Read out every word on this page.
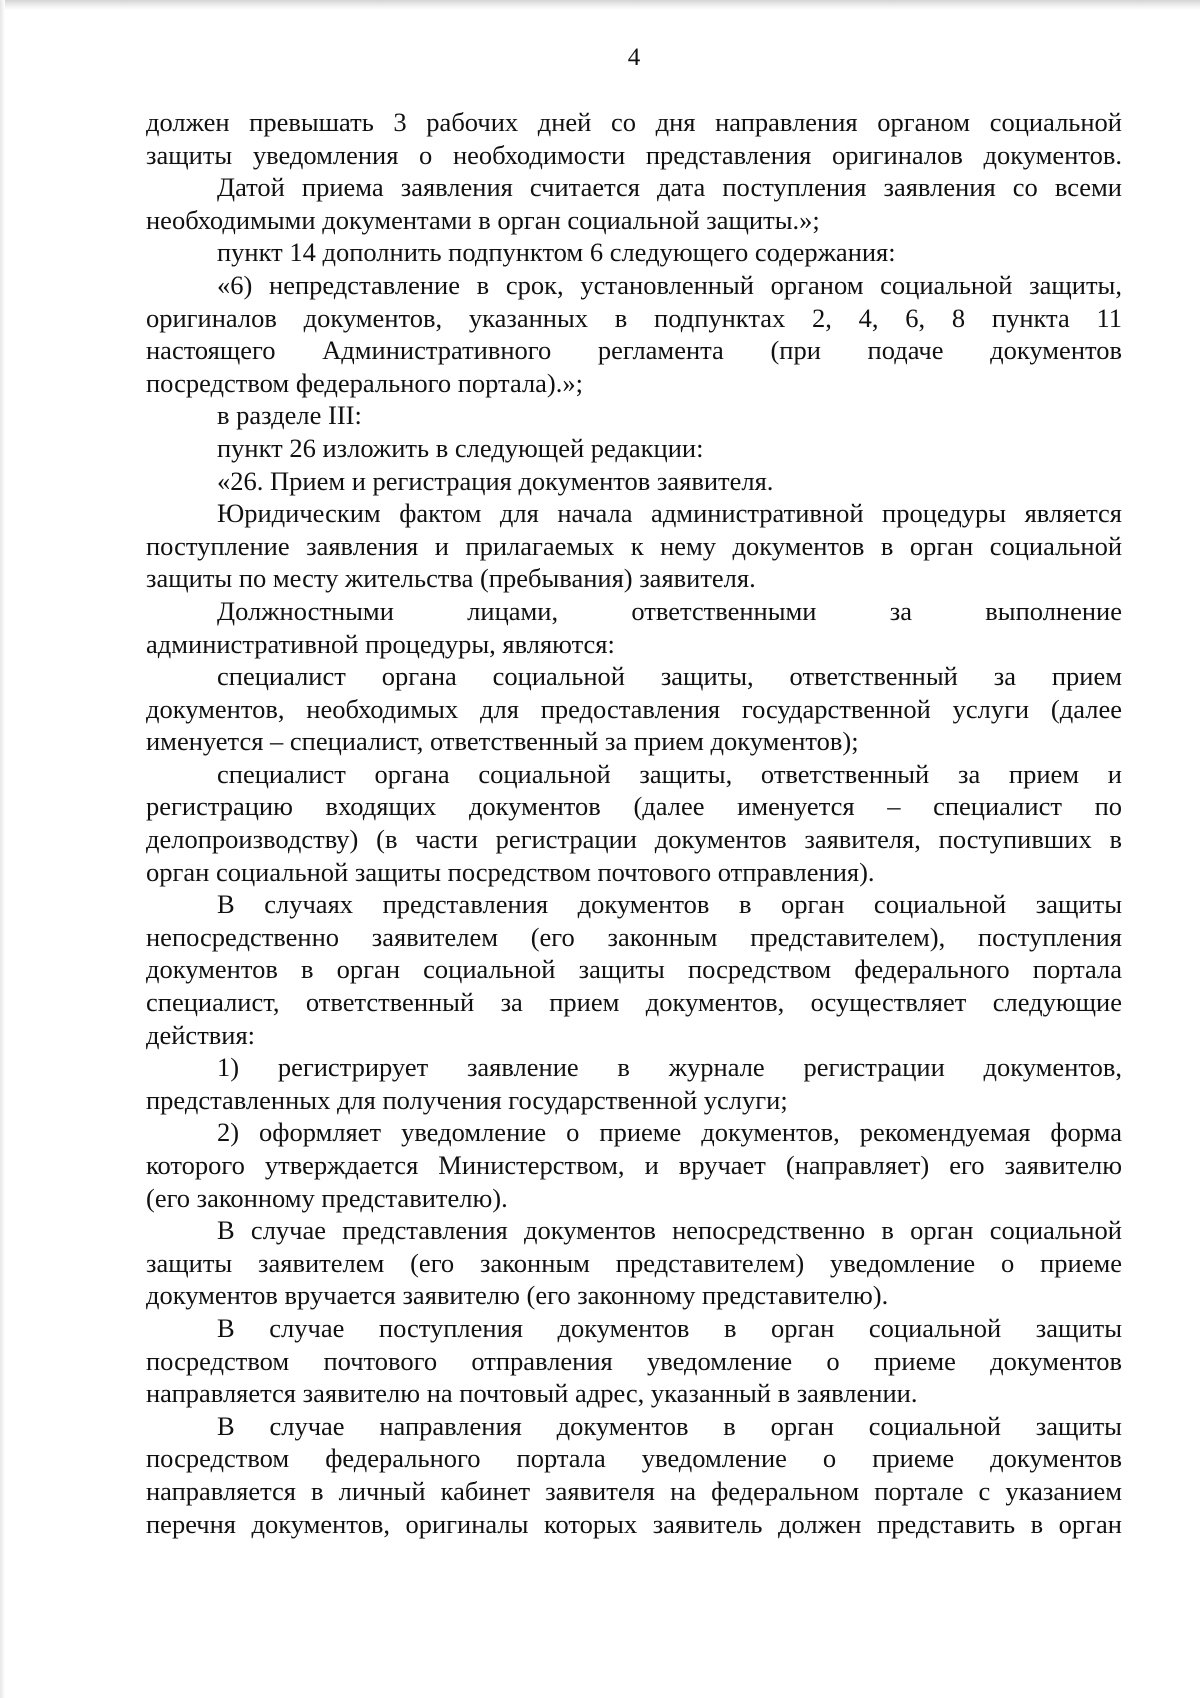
4
должен превышать 3 рабочих дней со дня направления органом социальной
защиты уведомления о необходимости представления оригиналов документов.
Датой приема заявления считается дата поступления заявления со всеми
необходимыми документами в орган социальной защиты.»;
пункт 14 дополнить подпунктом 6 следующего содержания:
«6) непредставление в срок, установленный органом социальной защиты,
оригиналов документов, указанных в подпунктах 2, 4, 6, 8 пункта 11
настоящего Административного регламента (при подаче документов
посредством федерального портала).»;
в разделе III:
пункт 26 изложить в следующей редакции:
«26. Прием и регистрация документов заявителя.
Юридическим фактом для начала административной процедуры является
поступление заявления и прилагаемых к нему документов в орган социальной
защиты по месту жительства (пребывания) заявителя.
Должностными лицами, ответственными за выполнение
административной процедуры, являются:
специалист органа социальной защиты, ответственный за прием
документов, необходимых для предоставления государственной услуги (далее
именуется – специалист, ответственный за прием документов);
специалист органа социальной защиты, ответственный за прием и
регистрацию входящих документов (далее именуется – специалист по
делопроизводству) (в части регистрации документов заявителя, поступивших в
орган социальной защиты посредством почтового отправления).
В случаях представления документов в орган социальной защиты
непосредственно заявителем (его законным представителем), поступления
документов в орган социальной защиты посредством федерального портала
специалист, ответственный за прием документов, осуществляет следующие
действия:
1) регистрирует заявление в журнале регистрации документов,
представленных для получения государственной услуги;
2) оформляет уведомление о приеме документов, рекомендуемая форма
которого утверждается Министерством, и вручает (направляет) его заявителю
(его законному представителю).
В случае представления документов непосредственно в орган социальной
защиты заявителем (его законным представителем) уведомление о приеме
документов вручается заявителю (его законному представителю).
В случае поступления документов в орган социальной защиты
посредством почтового отправления уведомление о приеме документов
направляется заявителю на почтовый адрес, указанный в заявлении.
В случае направления документов в орган социальной защиты
посредством федерального портала уведомление о приеме документов
направляется в личный кабинет заявителя на федеральном портале с указанием
перечня документов, оригиналы которых заявитель должен представить в орган
